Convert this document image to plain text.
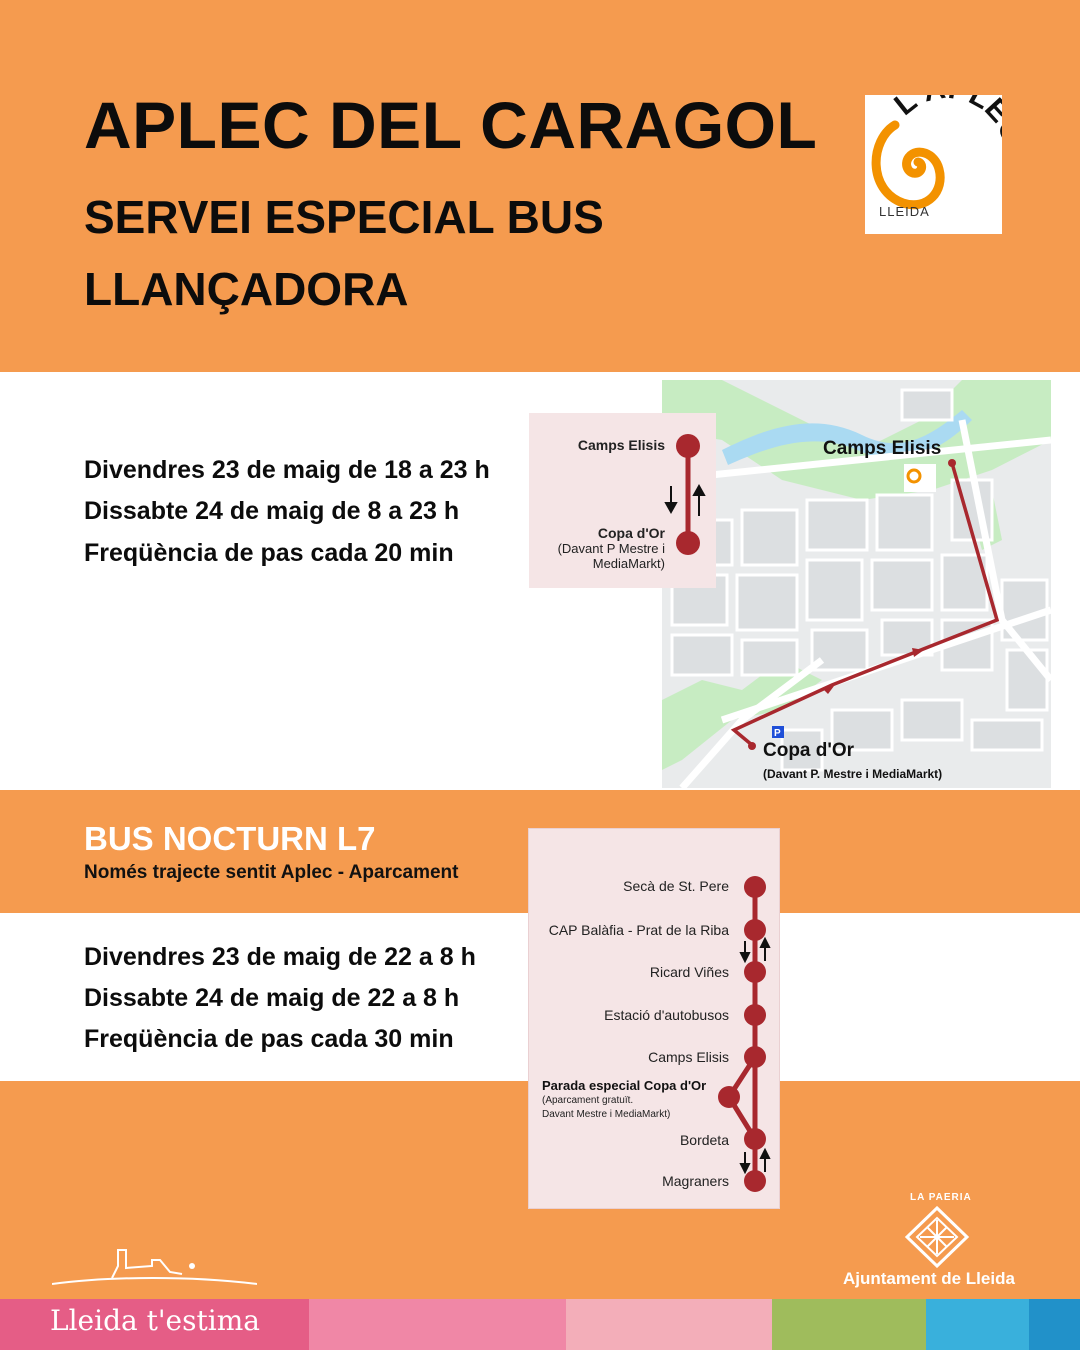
APLEC DEL CARAGOL
SERVEI ESPECIAL BUS
LLANÇADORA
L' L
LLEIDA
Divendres 23 de maig de 18 a 23 h
Dissabte 24 de maig de 8 a 23 h
Freqüència de pas cada 20 min
P
Camps Elisis
Copa d'Or
(Davant P. Mestre i MediaMarkt)
Camps Elisis
Copa d'Or
(Davant P Mestre i
MediaMarkt)
BUS NOCTURN L7
Només trajecte sentit Aplec - Aparcament
Divendres 23 de maig de 22 a 8 h
Dissabte 24 de maig de 22 a 8 h
Freqüència de pas cada 30 min
Secà de St. Pere
CAP Balàfia - Prat de la Riba
Ricard Viñes
Estació d'autobusos
Camps Elisis
Parada especial Copa d'Or
(Aparcament gratuït.
Davant Mestre i MediaMarkt)
Bordeta
Magraners
LA PAERIA
Ajuntament de Lleida
Lleida t'estima
